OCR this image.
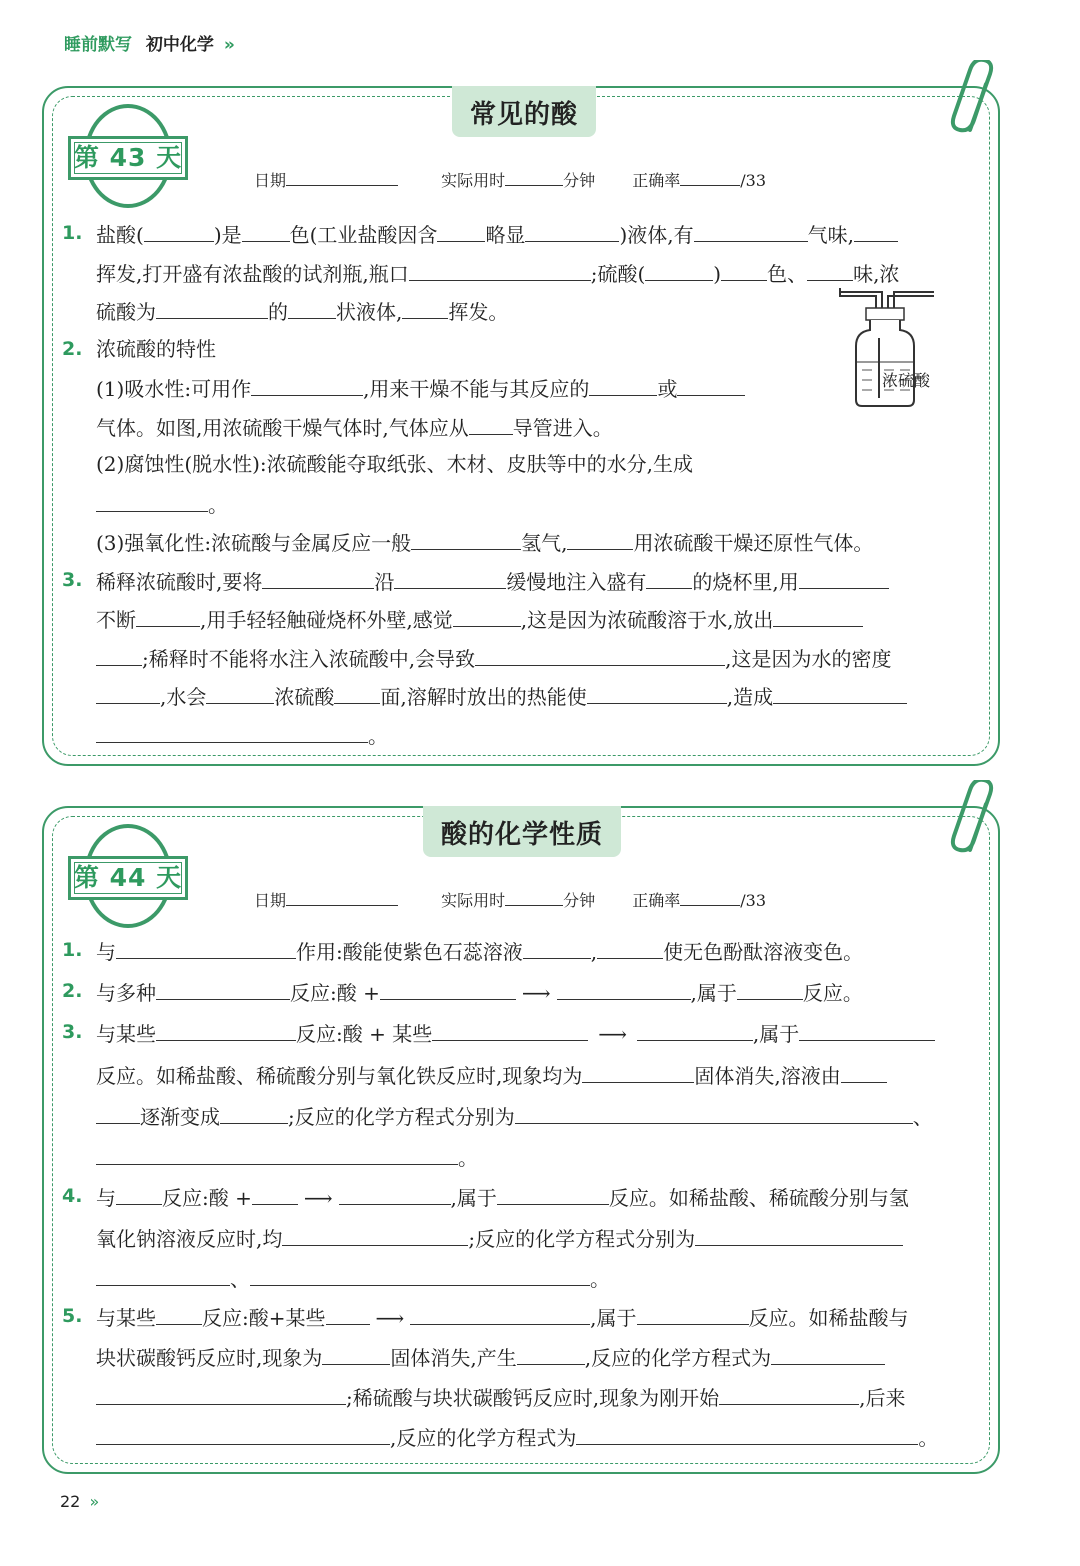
睡前默写 初中化学 »
常见的酸
第 43 天
日期	实际用时	分钟 正确率	/33
1. 盐酸(	)是 色(工业盐酸因含 略显	)液体,有	气味,
挥发,打开盛有浓盐酸的试剂瓶,瓶口	;硫酸(	) 色、 味,浓
硫酸为	的 状液体, 挥发。
2. 浓硫酸的特性
(1)吸水性:可用作	,用来干燥不能与其反应的	或
气体。如图,用浓硫酸干燥气体时,气体应从 导管进入。
(2)腐蚀性(脱水性):浓硫酸能夺取纸张、木材、皮肤等中的水分,生成
。
(3)强氧化性:浓硫酸与金属反应一般	氢气,	用浓硫酸干燥还原性气体。
3. 稀释浓硫酸时,要将	沿	缓慢地注入盛有 的烧杯里,用
不断	,用手轻轻触碰烧杯外壁,感觉	,这是因为浓硫酸溶于水,放出
;稀释时不能将水注入浓硫酸中,会导致	,这是因为水的密度
,水会	浓硫酸 面,溶解时放出的热能使	,造成
。
浓硫酸
酸的化学性质
第 44 天
日期	实际用时	分钟 正确率	/33
1. 与	作用:酸能使紫色石蕊溶液	,	使无色酚酞溶液变色。
2. 与多种	反应:酸 +	⟶	,属于	反应。
3. 与某些	反应:酸 + 某些	⟶	,属于
反应。如稀盐酸、稀硫酸分别与氧化铁反应时,现象均为	固体消失,溶液由
逐渐变成	;反应的化学方程式分别为	、
。
4. 与 反应:酸 +	⟶	,属于	反应。如稀盐酸、稀硫酸分别与氢
氧化钠溶液反应时,均	;反应的化学方程式分别为
、	。
5. 与某些 反应:酸+某些	⟶	,属于	反应。如稀盐酸与
块状碳酸钙反应时,现象为	固体消失,产生	,反应的化学方程式为
;稀硫酸与块状碳酸钙反应时,现象为刚开始	,后来
,反应的化学方程式为	。
22 »
